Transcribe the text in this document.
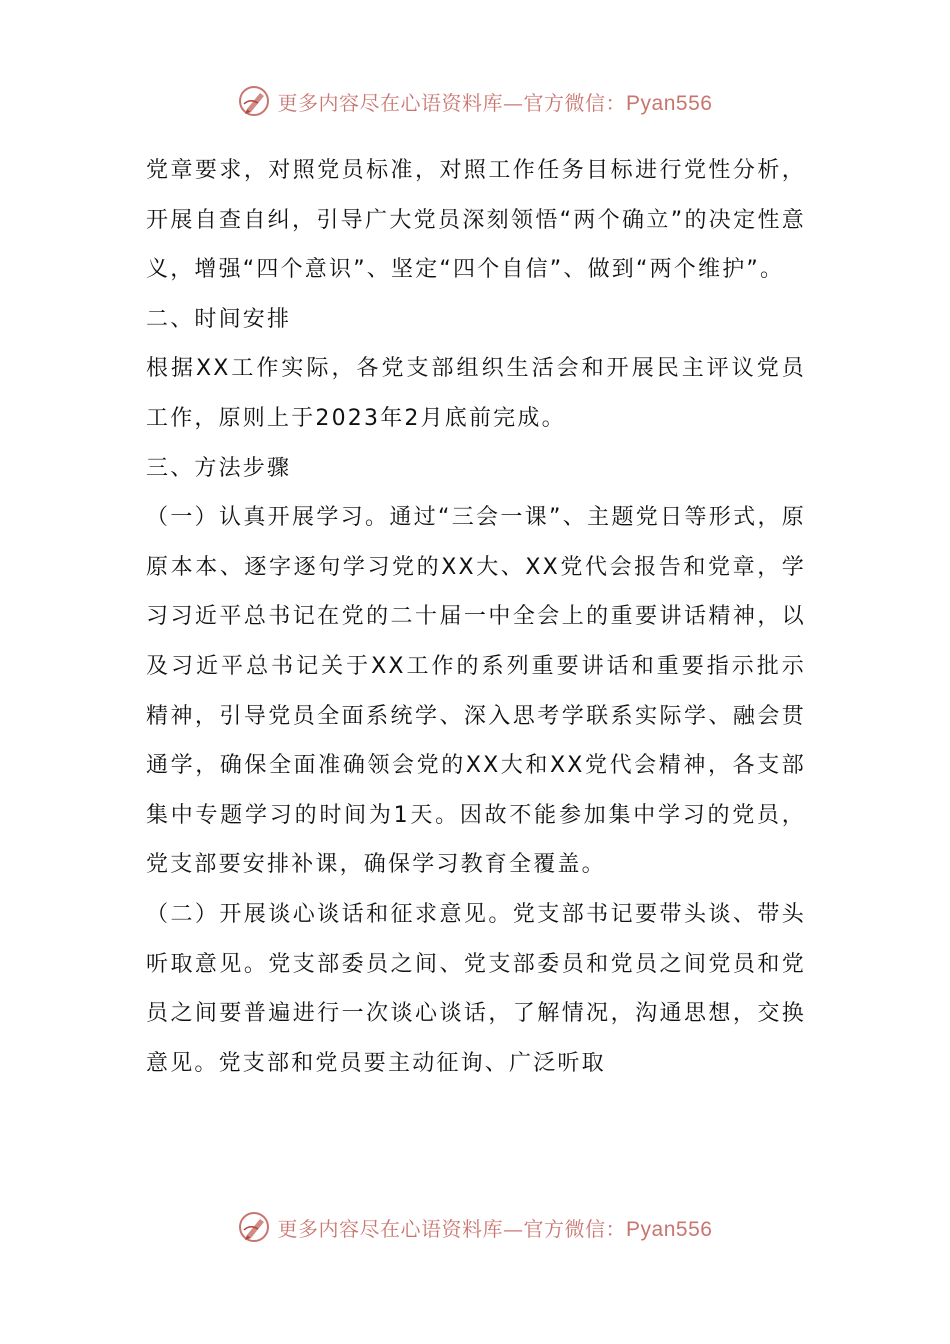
更多内容尽在心语资料库—官方微信：Pyan556

党章要求，对照党员标准，对照工作任务目标进行党性分析，开展自查自纠，引导广大党员深刻领悟“两个确立”的决定性意义，增强“四个意识”、坚定“四个自信”、做到“两个维护”。

二、时间安排

根据XX工作实际，各党支部组织生活会和开展民主评议党员工作，原则上于2023年2月底前完成。

三、方法步骤

（一）认真开展学习。通过“三会一课”、主题党日等形式，原原本本、逐字逐句学习党的XX大、XX党代会报告和党章，学习习近平总书记在党的二十届一中全会上的重要讲话精神，以及习近平总书记关于XX工作的系列重要讲话和重要指示批示精神，引导党员全面系统学、深入思考学联系实际学、融会贯通学，确保全面准确领会党的XX大和XX党代会精神，各支部集中专题学习的时间为1天。因故不能参加集中学习的党员，党支部要安排补课，确保学习教育全覆盖。

（二）开展谈心谈话和征求意见。党支部书记要带头谈、带头听取意见。党支部委员之间、党支部委员和党员之间党员和党员之间要普遍进行一次谈心谈话，了解情况，沟通思想，交换意见。党支部和党员要主动征询、广泛听取

更多内容尽在心语资料库—官方微信：Pyan556
